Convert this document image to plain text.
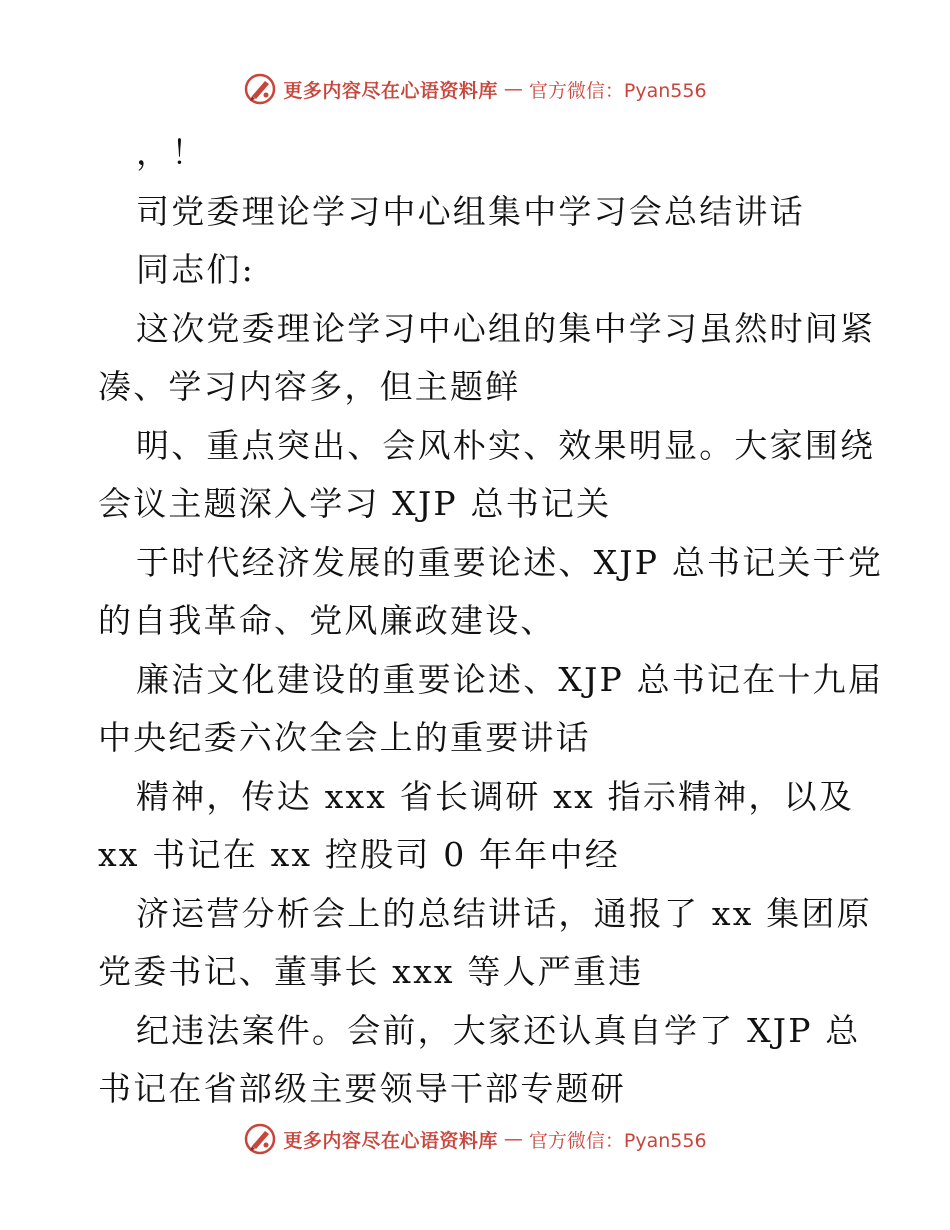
更多内容尽在心语资料库 — 官方微信：Pyan556
，！
司党委理论学习中心组集中学习会总结讲话
同志们:
这次党委理论学习中心组的集中学习虽然时间紧
凑、学习内容多，但主题鲜
明、重点突出、会风朴实、效果明显。大家围绕
会议主题深入学习 XJP 总书记关
于时代经济发展的重要论述、XJP 总书记关于党
的自我革命、党风廉政建设、
廉洁文化建设的重要论述、XJP 总书记在十九届
中央纪委六次全会上的重要讲话
精神，传达 xxx 省长调研 xx 指示精神，以及
xx 书记在 xx 控股司 0 年年中经
济运营分析会上的总结讲话，通报了 xx 集团原
党委书记、董事长 xxx 等人严重违
纪违法案件。会前，大家还认真自学了 XJP 总
书记在省部级主要领导干部专题研
更多内容尽在心语资料库 — 官方微信：Pyan556
